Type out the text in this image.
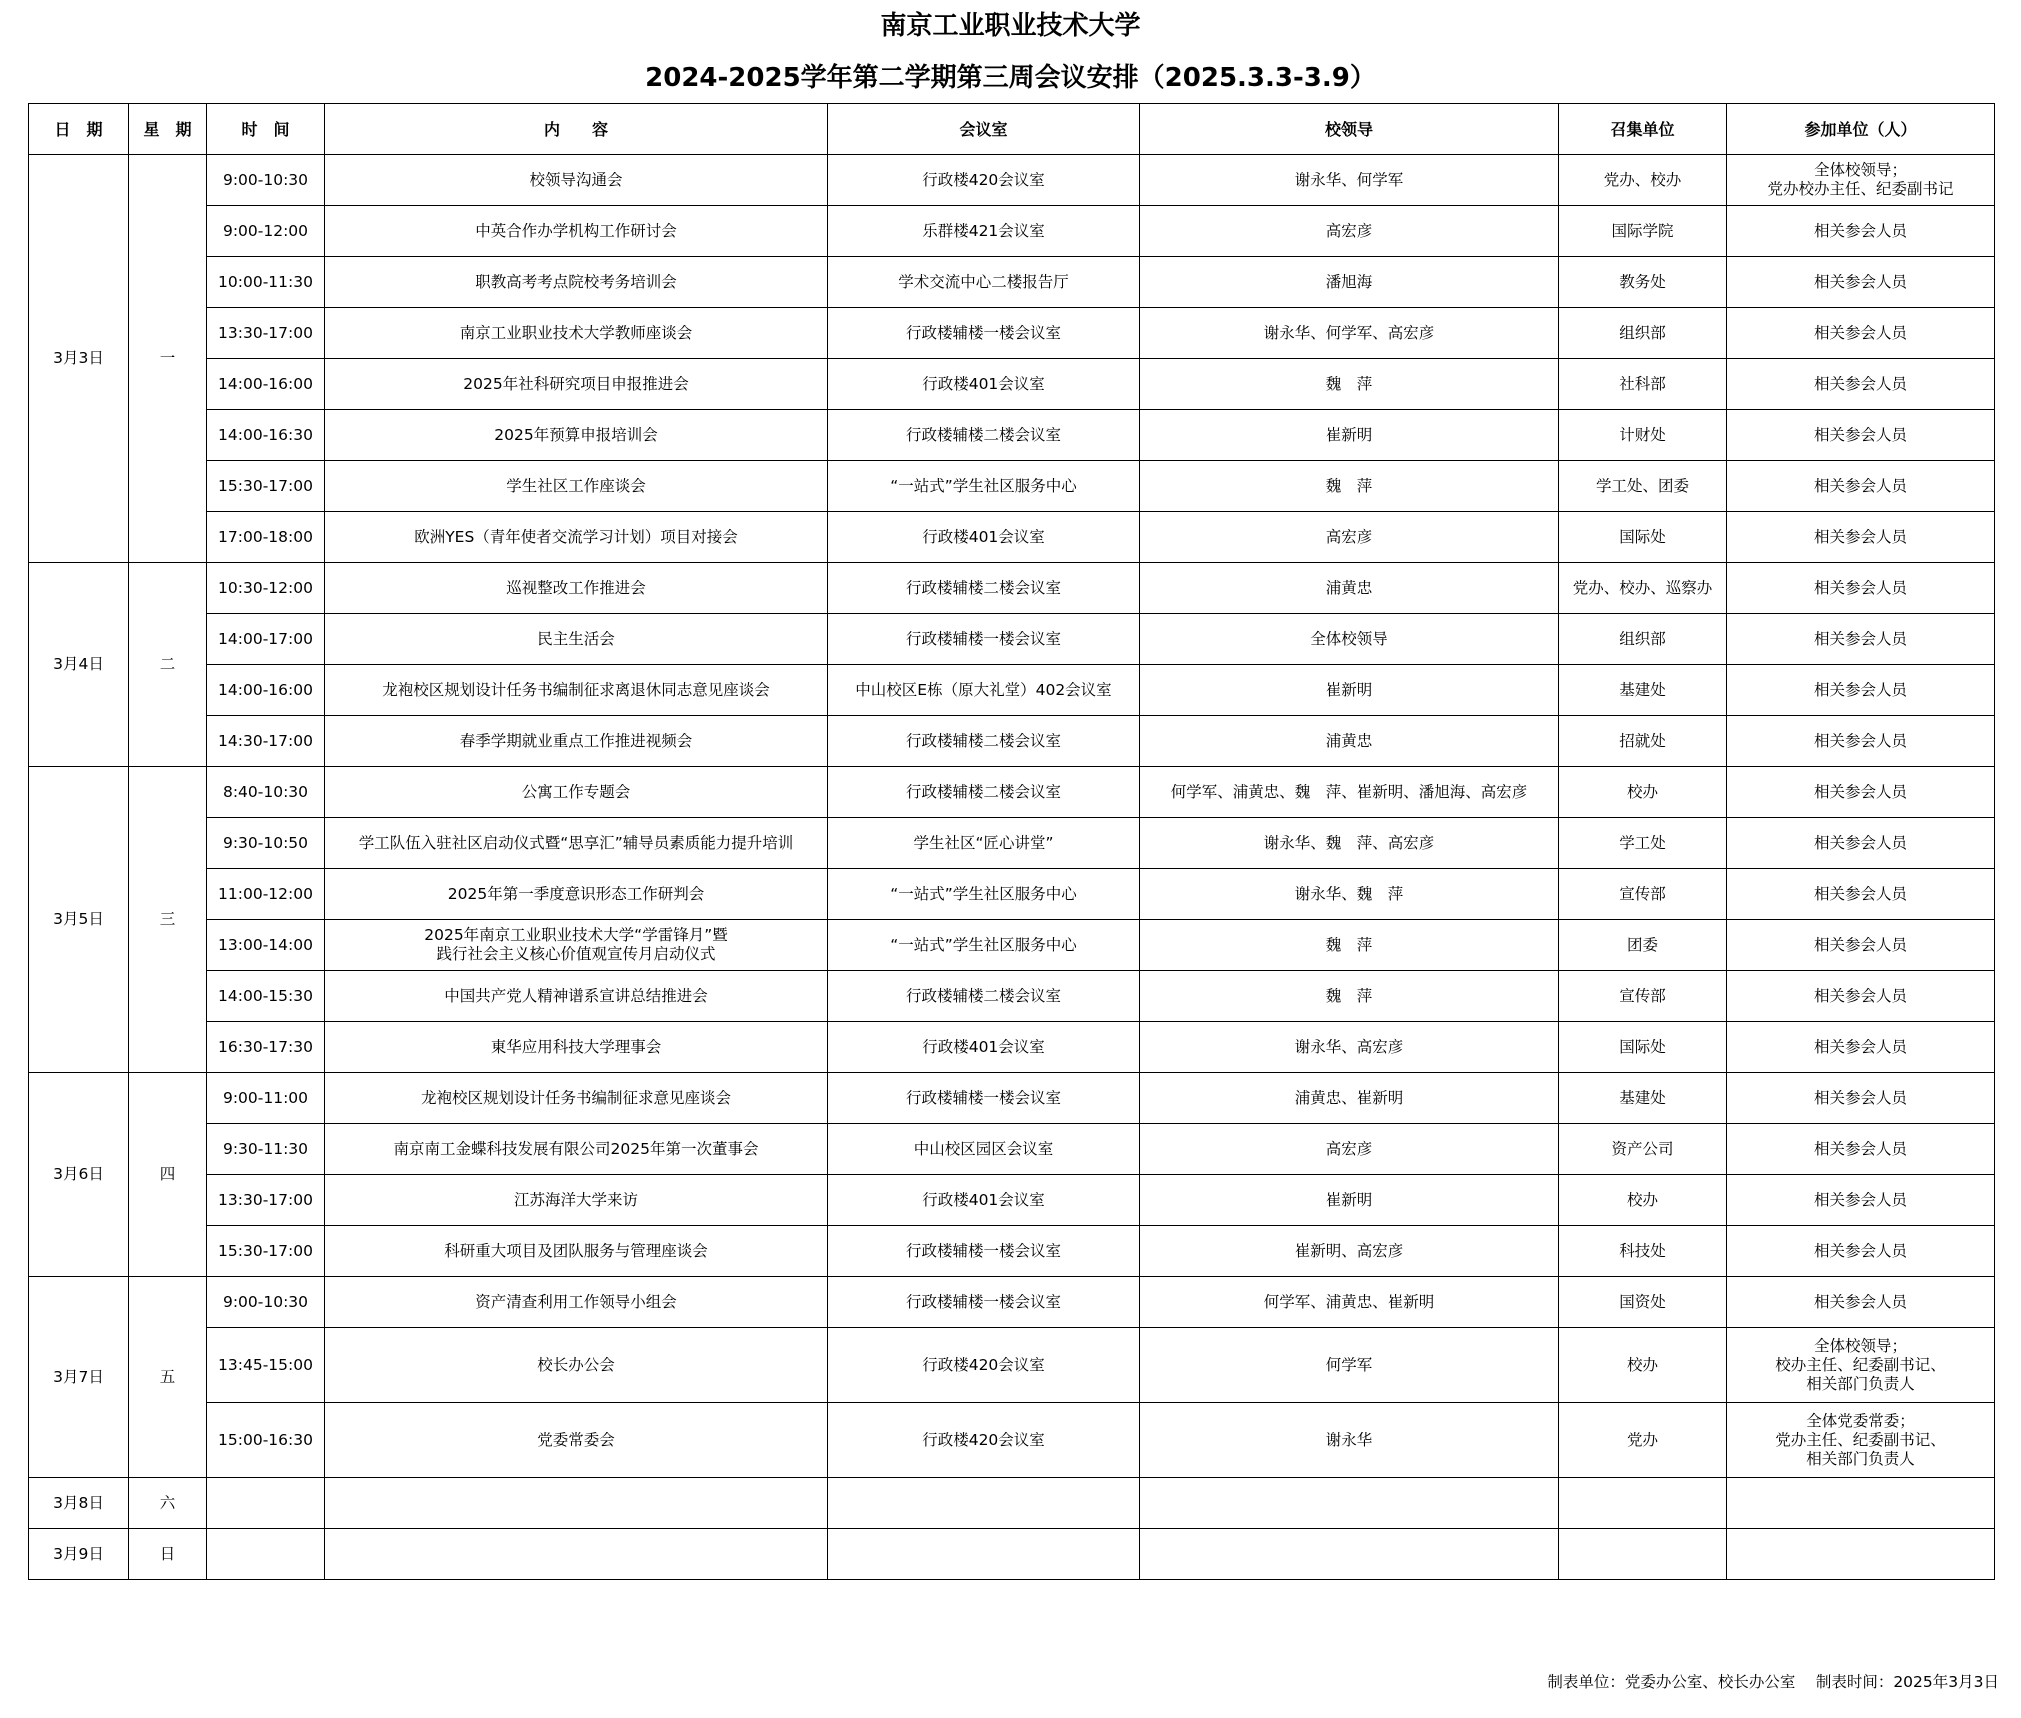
南京工业职业技术大学
2024-2025学年第二学期第三周会议安排（2025.3.3-3.9）
日　期	星　期	时　间	内　　容	会议室	校领导	召集单位	参加单位（人）
3月3日	一	9:00-10:30	校领导沟通会	行政楼420会议室	谢永华、何学军	党办、校办	全体校领导；
党办校办主任、纪委副书记
		9:00-12:00	中英合作办学机构工作研讨会	乐群楼421会议室	高宏彦	国际学院	相关参会人员
		10:00-11:30	职教高考考点院校考务培训会	学术交流中心二楼报告厅	潘旭海	教务处	相关参会人员
		13:30-17:00	南京工业职业技术大学教师座谈会	行政楼辅楼一楼会议室	谢永华、何学军、高宏彦	组织部	相关参会人员
		14:00-16:00	2025年社科研究项目申报推进会	行政楼401会议室	魏　萍	社科部	相关参会人员
		14:00-16:30	2025年预算申报培训会	行政楼辅楼二楼会议室	崔新明	计财处	相关参会人员
		15:30-17:00	学生社区工作座谈会	“一站式”学生社区服务中心	魏　萍	学工处、团委	相关参会人员
		17:00-18:00	欧洲YES（青年使者交流学习计划）项目对接会	行政楼401会议室	高宏彦	国际处	相关参会人员
3月4日	二	10:30-12:00	巡视整改工作推进会	行政楼辅楼二楼会议室	浦黄忠	党办、校办、巡察办	相关参会人员
		14:00-17:00	民主生活会	行政楼辅楼一楼会议室	全体校领导	组织部	相关参会人员
		14:00-16:00	龙袍校区规划设计任务书编制征求离退休同志意见座谈会	中山校区E栋（原大礼堂）402会议室	崔新明	基建处	相关参会人员
		14:30-17:00	春季学期就业重点工作推进视频会	行政楼辅楼二楼会议室	浦黄忠	招就处	相关参会人员
3月5日	三	8:40-10:30	公寓工作专题会	行政楼辅楼二楼会议室	何学军、浦黄忠、魏　萍、崔新明、潘旭海、高宏彦	校办	相关参会人员
		9:30-10:50	学工队伍入驻社区启动仪式暨“思享汇”辅导员素质能力提升培训	学生社区“匠心讲堂”	谢永华、魏　萍、高宏彦	学工处	相关参会人员
		11:00-12:00	2025年第一季度意识形态工作研判会	“一站式”学生社区服务中心	谢永华、魏　萍	宣传部	相关参会人员
		13:00-14:00	2025年南京工业职业技术大学“学雷锋月”暨
践行社会主义核心价值观宣传月启动仪式	“一站式”学生社区服务中心	魏　萍	团委	相关参会人员
		14:00-15:30	中国共产党人精神谱系宣讲总结推进会	行政楼辅楼二楼会议室	魏　萍	宣传部	相关参会人员
		16:30-17:30	東华应用科技大学理事会	行政楼401会议室	谢永华、高宏彦	国际处	相关参会人员
3月6日	四	9:00-11:00	龙袍校区规划设计任务书编制征求意见座谈会	行政楼辅楼一楼会议室	浦黄忠、崔新明	基建处	相关参会人员
		9:30-11:30	南京南工金蝶科技发展有限公司2025年第一次董事会	中山校区园区会议室	高宏彦	资产公司	相关参会人员
		13:30-17:00	江苏海洋大学来访	行政楼401会议室	崔新明	校办	相关参会人员
		15:30-17:00	科研重大项目及团队服务与管理座谈会	行政楼辅楼一楼会议室	崔新明、高宏彦	科技处	相关参会人员
3月7日	五	9:00-10:30	资产清查利用工作领导小组会	行政楼辅楼一楼会议室	何学军、浦黄忠、崔新明	国资处	相关参会人员
		13:45-15:00	校长办公会	行政楼420会议室	何学军	校办	全体校领导；
校办主任、纪委副书记、
相关部门负责人
		15:00-16:30	党委常委会	行政楼420会议室	谢永华	党办	全体党委常委；
党办主任、纪委副书记、
相关部门负责人
3月8日	六						
3月9日	日						
制表单位：党委办公室、校长办公室　 制表时间：2025年3月3日
